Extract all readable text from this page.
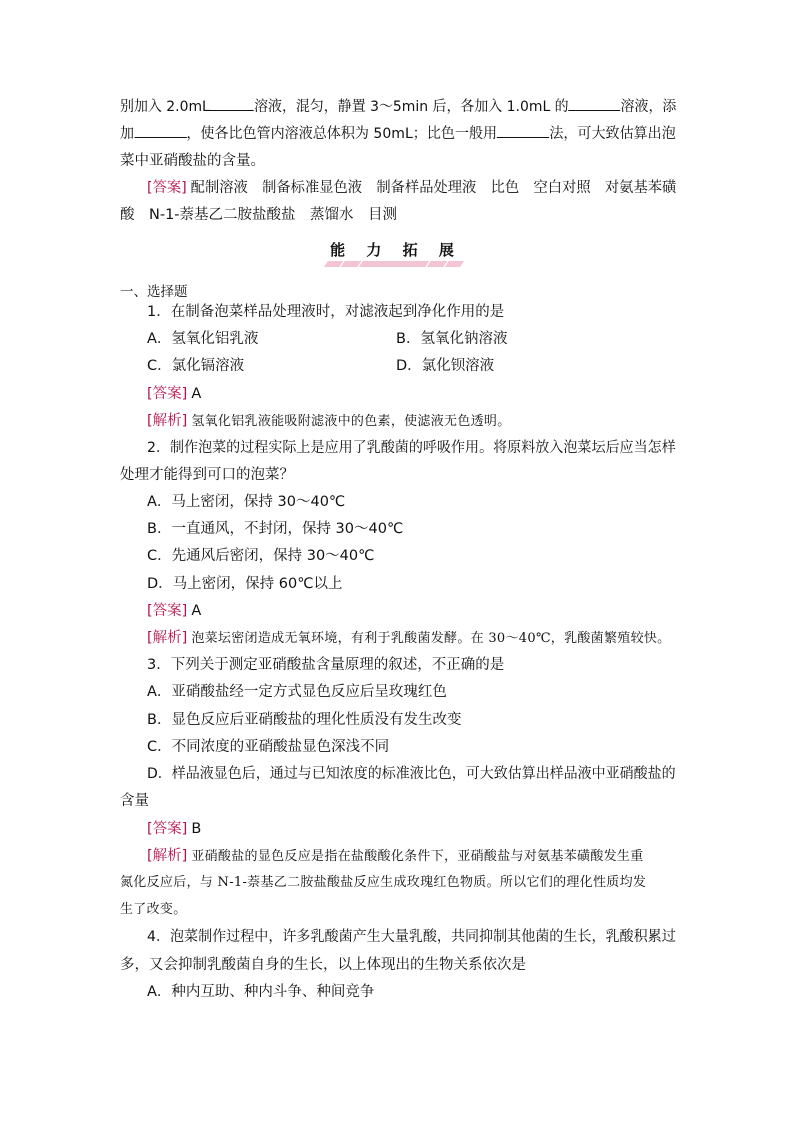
别加入 2.0mL	溶液，混匀，静置 3～5min 后，各加入 1.0mL 的	溶液，添
加	，使各比色管内溶液总体积为 50mL；比色一般用	法，可大致估算出泡
菜中亚硝酸盐的含量。
[答案] 配制溶液　制备标准显色液　制备样品处理液　比色　空白对照　对氨基苯磺
酸　N-1-萘基乙二胺盐酸盐　蒸馏水　目测
能 力 拓 展
一、选择题
1．在制备泡菜样品处理液时，对滤液起到净化作用的是
A．氢氧化铝乳液	B．氢氧化钠溶液
C．氯化镉溶液	D．氯化钡溶液
[答案] A
[解析] 氢氧化铝乳液能吸附滤液中的色素，使滤液无色透明。
2．制作泡菜的过程实际上是应用了乳酸菌的呼吸作用。将原料放入泡菜坛后应当怎样
处理才能得到可口的泡菜？
A．马上密闭，保持 30～40℃
B．一直通风，不封闭，保持 30～40℃
C．先通风后密闭，保持 30～40℃
D．马上密闭，保持 60℃以上
[答案] A
[解析] 泡菜坛密闭造成无氧环境，有利于乳酸菌发酵。在 30～40℃，乳酸菌繁殖较快。
3．下列关于测定亚硝酸盐含量原理的叙述，不正确的是
A．亚硝酸盐经一定方式显色反应后呈玫瑰红色
B．显色反应后亚硝酸盐的理化性质没有发生改变
C．不同浓度的亚硝酸盐显色深浅不同
D．样品液显色后，通过与已知浓度的标准液比色，可大致估算出样品液中亚硝酸盐的
含量
[答案] B
[解析] 亚硝酸盐的显色反应是指在盐酸酸化条件下，亚硝酸盐与对氨基苯磺酸发生重
氮化反应后，与 N-1-萘基乙二胺盐酸盐反应生成玫瑰红色物质。所以它们的理化性质均发
生了改变。
4．泡菜制作过程中，许多乳酸菌产生大量乳酸，共同抑制其他菌的生长，乳酸积累过
多，又会抑制乳酸菌自身的生长，以上体现出的生物关系依次是
A．种内互助、种内斗争、种间竞争
